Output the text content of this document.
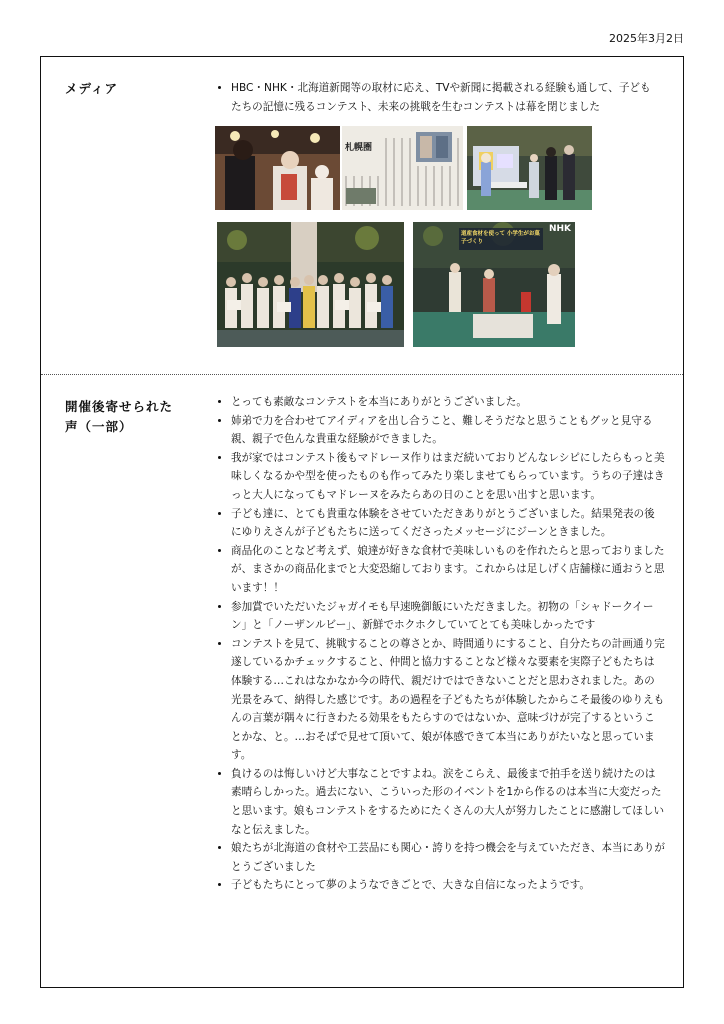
2025年3月2日
メディア
•	HBC・NHK・北海道新聞等の取材に応え、TVや新聞に掲載される経験も通して、子どもたちの記憶に残るコンテスト、未来の挑戦を生むコンテストは幕を閉じました
札幌圏
NHK
道産食材を使って 小学生がお菓子づくり
開催後寄せられた声（一部）
• とっても素敵なコンテストを本当にありがとうございました。
• 姉弟で力を合わせてアイディアを出し合うこと、難しそうだなと思うこともグッと見守る親、親子で色んな貴重な経験ができました。
• 我が家ではコンテスト後もマドレーヌ作りはまだ続いておりどんなレシピにしたらもっと美味しくなるかや型を使ったものも作ってみたり楽しませてもらっています。うちの子達はきっと大人になってもマドレーヌをみたらあの日のことを思い出すと思います。
• 子ども達に、とても貴重な体験をさせていただきありがとうございました。結果発表の後にゆりえさんが子どもたちに送ってくださったメッセージにジーンときました。
• 商品化のことなど考えず、娘達が好きな食材で美味しいものを作れたらと思っておりましたが、まさかの商品化までと大変恐縮しております。これからは足しげく店舗様に通おうと思います！！
• 参加賞でいただいたジャガイモも早速晩御飯にいただきました。初物の「シャドークイーン」と「ノーザンルビー」、新鮮でホクホクしていてとても美味しかったです
• コンテストを見て、挑戦することの尊さとか、時間通りにすること、自分たちの計画通り完遂しているかチェックすること、仲間と協力することなど様々な要素を実際子どもたちは体験する…これはなかなか今の時代、親だけではできないことだと思わされました。あの光景をみて、納得した感じです。あの過程を子どもたちが体験したからこそ最後のゆりえもんの言葉が隅々に行きわたる効果をもたらすのではないか、意味づけが完了するということかな、と。…おそばで見せて頂いて、娘が体感できて本当にありがたいなと思っています。
• 負けるのは悔しいけど大事なことですよね。涙をこらえ、最後まで拍手を送り続けたのは素晴らしかった。過去にない、こういった形のイベントを1から作るのは本当に大変だったと思います。娘もコンテストをするためにたくさんの大人が努力したことに感謝してほしいなと伝えました。
• 娘たちが北海道の食材や工芸品にも関心・誇りを持つ機会を与えていただき、本当にありがとうございました
• 子どもたちにとって夢のようなできごとで、大きな自信になったようです。
